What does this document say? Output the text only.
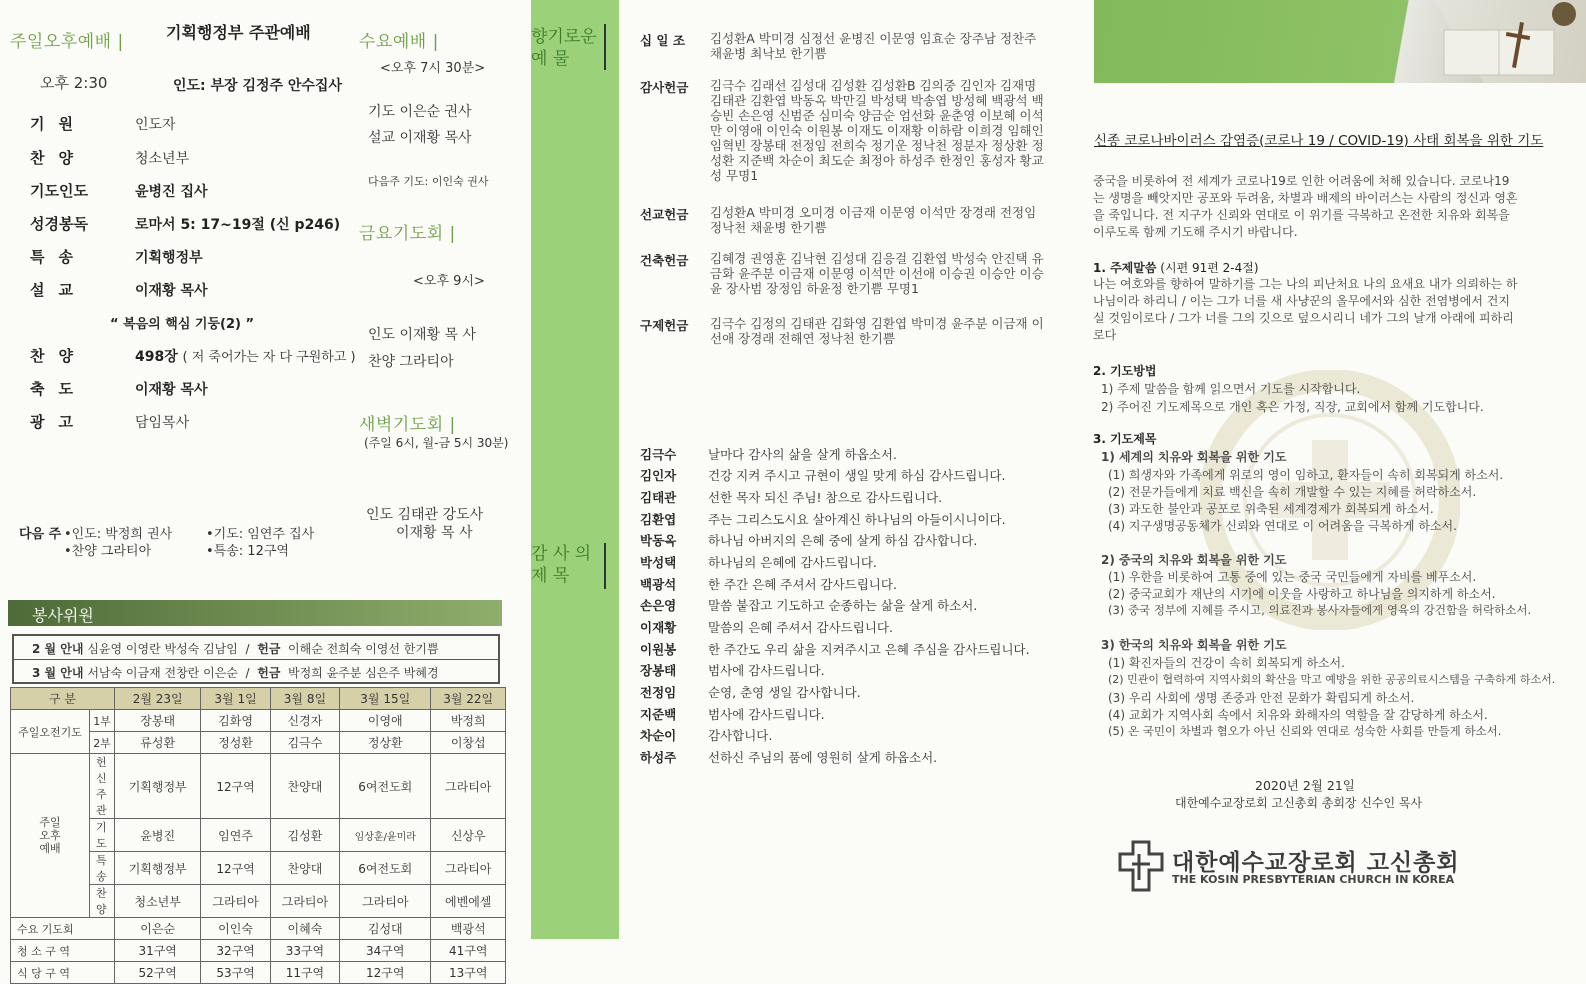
주일오후예배 |	기획행정부 주관예배
오후 2:30	인도: 부장 김정주 안수집사
기원	인도자
찬양	청소년부
기도인도	윤병진 집사
성경봉독	로마서 5: 17~19절 (신 p246)
특송	기획행정부
설교	이재황 목사
“ 복음의 핵심 기둥(2) ”
찬양	498장 ( 저 죽어가는 자 다 구원하고 )
축도	이재황 목사
광고	담임목사
다음 주 •인도: 박정희 권사
•찬양 그라티아
•기도: 임연주 집사
•특송: 12구역
수요예배 |
<오후 7시 30분>
기도 이은순 권사
설교 이재황 목사
다음주 기도: 이인숙 권사
금요기도회 |
<오후 9시>
인도 이재황 목 사
찬양 그라티아
새벽기도회 |
(주일 6시, 월-금 5시 30분)
인도 김태관 강도사
이재황 목 사
봉사위원
2 월 안내 심윤영 이영란 박성숙 김남임 / 헌금 이해순 전희숙 이영선 한기쁨
3 월 안내 서남숙 이금재 전창란 이은순 / 헌금 박정희 윤주분 심은주 박혜경
구 분		2월 23일	3월 1일	3월 8일	3월 15일	3월 22일
주일오전기도	1부	장봉태	김화영	신경자	이영애	박정희
	2부	류성환	정성환	김극수	정상환	이창섭
주일 오후 예배	헌신 주관	기획행정부	12구역	찬양대	6여전도회	그라티아
	기 도	윤병진	임연주	김성환	임상훈/윤미라	신상우
	특 송	기획행정부	12구역	찬양대	6여전도회	그라티아
	찬 양	청소년부	그라티아	그라티아	그라티아	에벤에셀
수요 기도회		이은순	이인숙	이혜숙	김성대	백광석
청 소 구 역		31구역	32구역	33구역	34구역	41구역
식 당 구 역		52구역	53구역	11구역	12구역	13구역
향기로운
예 물
감 사 의
제 목
십 일 조	김성환A 박미경 심정선 윤병진 이문영 임효순 장주남 정찬주 채윤병 최낙보 한기쁨
감사헌금	김극수 김래선 김성대 김성환 김성환B 김의중 김인자 김재명 김태관 김환엽 박동옥 박만길 박성택 박송엽 방성혜 백광석 백승빈 손은영 신범준 심미숙 양금순 엄선화 윤춘영 이보혜 이석만 이영애 이인숙 이원봉 이재도 이재황 이하람 이희경 임해인 임혁빈 장봉태 전정임 전희숙 정기운 정낙천 정분자 정상환 정성환 지준백 차순이 최도순 최정아 하성주 한정인 홍성자 황교성 무명1
선교헌금	김성환A 박미경 오미경 이금재 이문영 이석만 장경래 전정임 정낙천 채윤병 한기쁨
건축헌금	김혜경 권영훈 김낙현 김성대 김응걸 김환엽 박성숙 안진택 유금화 윤주분 이금재 이문영 이석만 이선애 이승권 이승안 이승윤 장사범 장정임 하윤정 한기쁨 무명1
구제헌금	김극수 김정의 김태관 김화영 김환엽 박미경 윤주분 이금재 이선애 장경래 전해연 정낙천 한기쁨
김극수	날마다 감사의 삶을 살게 하옵소서.
김인자	건강 지켜 주시고 규현이 생일 맞게 하심 감사드립니다.
김태관	선한 목자 되신 주님! 참으로 감사드립니다.
김환엽	주는 그리스도시요 살아계신 하나님의 아들이시니이다.
박동옥	하나님 아버지의 은혜 중에 살게 하심 감사합니다.
박성택	하나님의 은혜에 감사드립니다.
백광석	한 주간 은혜 주셔서 감사드립니다.
손은영	말씀 붙잡고 기도하고 순종하는 삶을 살게 하소서.
이재황	말씀의 은혜 주셔서 감사드립니다.
이원봉	한 주간도 우리 삶을 지켜주시고 은혜 주심을 감사드립니다.
장봉태	범사에 감사드립니다.
전정임	순영, 춘영 생일 감사합니다.
지준백	범사에 감사드립니다.
차순이	감사합니다.
하성주	선하신 주님의 품에 영원히 살게 하옵소서.
신종 코로나바이러스 감염증(코로나 19 / COVID-19) 사태 회복을 위한 기도
중국을 비롯하여 전 세계가 코로나19로 인한 어려움에 처해 있습니다. 코로나19는 생명을 빼앗지만 공포와 두려움, 차별과 배제의 바이러스는 사람의 정신과 영혼을 죽입니다. 전 지구가 신뢰와 연대로 이 위기를 극복하고 온전한 치유와 회복을 이루도록 함께 기도해 주시기 바랍니다.
1. 주제말씀 (시편 91편 2-4절)
나는 여호와를 향하여 말하기를 그는 나의 피난처요 나의 요새요 내가 의뢰하는 하나님이라 하리니 / 이는 그가 너를 새 사냥꾼의 올무에서와 심한 전염병에서 건지실 것임이로다 / 그가 너를 그의 깃으로 덮으시리니 네가 그의 날개 아래에 피하리로다
2. 기도방법
1) 주제 말씀을 함께 읽으면서 기도를 시작합니다.
2) 주어진 기도제목으로 개인 혹은 가정, 직장, 교회에서 함께 기도합니다.
3. 기도제목
1) 세계의 치유와 회복을 위한 기도
(1) 희생자와 가족에게 위로의 영이 임하고, 환자들이 속히 회복되게 하소서.
(2) 전문가들에게 치료 백신을 속히 개발할 수 있는 지혜를 허락하소서.
(3) 과도한 불안과 공포로 위축된 세계경제가 회복되게 하소서.
(4) 지구생명공동체가 신뢰와 연대로 이 어려움을 극복하게 하소서.
2) 중국의 치유와 회복을 위한 기도
(1) 우한을 비롯하여 고통 중에 있는 중국 국민들에게 자비를 베푸소서.
(2) 중국교회가 재난의 시기에 이웃을 사랑하고 하나님을 의지하게 하소서.
(3) 중국 정부에 지혜를 주시고, 의료진과 봉사자들에게 영육의 강건함을 허락하소서.
3) 한국의 치유와 회복을 위한 기도
(1) 확진자들의 건강이 속히 회복되게 하소서.
(2) 민관이 협력하여 지역사회의 확산을 막고 예방을 위한 공공의료시스템을 구축하게 하소서.
(3) 우리 사회에 생명 존중과 안전 문화가 확립되게 하소서.
(4) 교회가 지역사회 속에서 치유와 화해자의 역할을 잘 감당하게 하소서.
(5) 온 국민이 차별과 혐오가 아닌 신뢰와 연대로 성숙한 사회를 만들게 하소서.
2020년 2월 21일
대한예수교장로회 고신총회 총회장 신수인 목사
대한예수교장로회 고신총회
THE KOSIN PRESBYTERIAN CHURCH IN KOREA
